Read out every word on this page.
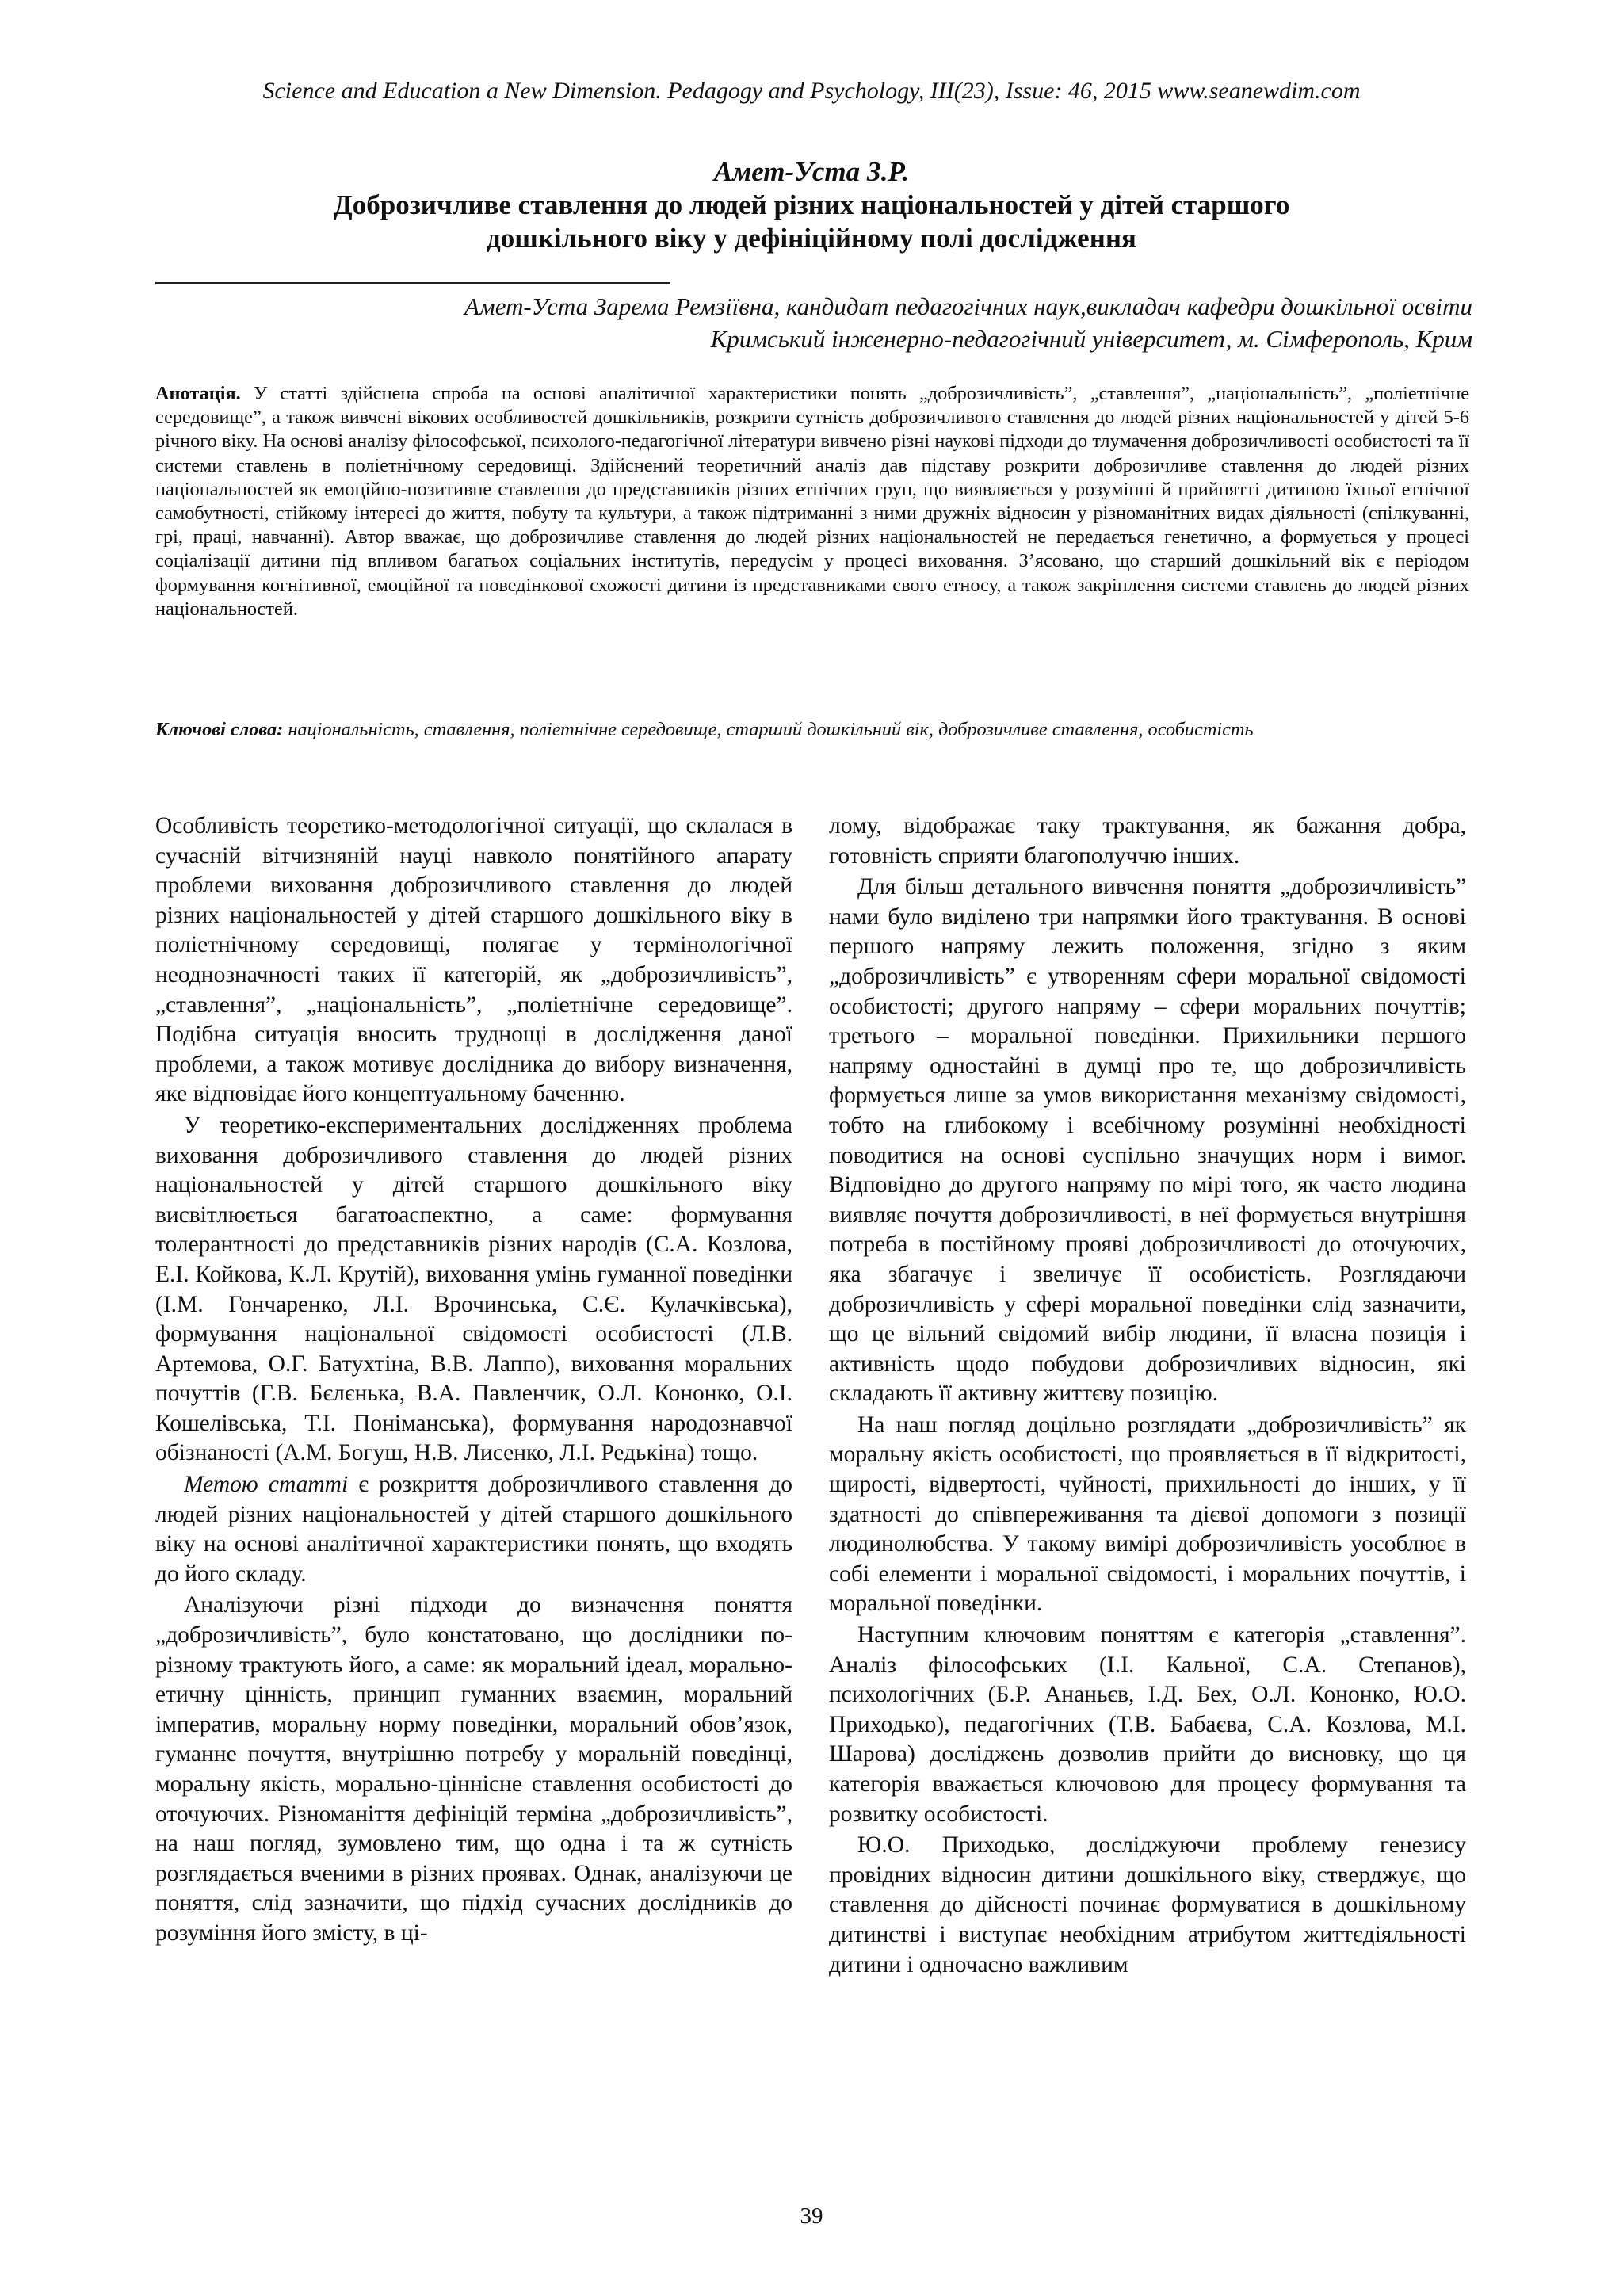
Science and Education a New Dimension. Pedagogy and Psychology, III(23), Issue: 46, 2015 www.seanewdim.com
Амет-Уста З.Р.
Доброзичливе ставлення до людей різних національностей у дітей старшого
дошкільного віку у дефініційному полі дослідження
Амет-Уста Зарема Ремзіївна, кандидат педагогічних наук,викладач кафедри дошкільної освіти
Кримський інженерно-педагогічний університет, м. Сімферополь, Крим
Анотація. У статті здійснена спроба на основі аналітичної характеристики понять „доброзичливість”, „ставлення”, „національність”, „поліетнічне середовище”, а також вивчені вікових особливостей дошкільників, розкрити сутність доброзичливого ставлення до людей різних національностей у дітей 5-6 річного віку. На основі аналізу філософської, психолого-педагогічної літератури вивчено різні наукові підходи до тлумачення доброзичливості особистості та її системи ставлень в поліетнічному середовищі. Здійснений теоретичний аналіз дав підставу розкрити доброзичливе ставлення до людей різних національностей як емоційно-позитивне ставлення до представників різних етнічних груп, що виявляється у розумінні й прийнятті дитиною їхньої етнічної самобутності, стійкому інтересі до життя, побуту та культури, а також підтриманні з ними дружніх відносин у різноманітних видах діяльності (спілкуванні, грі, праці, навчанні). Автор вважає, що доброзичливе ставлення до людей різних національностей не передається генетично, а формується у процесі соціалізації дитини під впливом багатьох соціальних інститутів, передусім у процесі виховання. З’ясовано, що старший дошкільний вік є періодом формування когнітивної, емоційної та поведінкової схожості дитини із представниками свого етносу, а також закріплення системи ставлень до людей різних національностей.
Ключові слова: національність, ставлення, поліетнічне середовище, старший дошкільний вік, доброзичливе ставлення, особистість

Особливість теоретико-методологічної ситуації, що склалася в сучасній вітчизняній науці навколо понятійного апарату проблеми виховання доброзичливого ставлення до людей різних національностей у дітей старшого дошкільного віку в поліетнічному середовищі, полягає у термінологічної неоднозначності таких її категорій, як „доброзичливість”, „ставлення”, „національність”, „поліетнічне середовище”. Подібна ситуація вносить труднощі в дослідження даної проблеми, а також мотивує дослідника до вибору визначення, яке відповідає його концептуальному баченню.

У теоретико-експериментальних дослідженнях проблема виховання доброзичливого ставлення до людей різних національностей у дітей старшого дошкільного віку висвітлюється багатоаспектно, а саме: формування толерантності до представників різних народів (С.А. Козлова, Е.І. Койкова, К.Л. Крутій), виховання умінь гуманної поведінки (І.М. Гончаренко, Л.І. Врочинська, С.Є. Кулачківська), формування національної свідомості особистості (Л.В. Артемова, О.Г. Батухтіна, В.В. Лаппо), виховання моральних почуттів (Г.В. Бєлєнька, В.А. Павленчик, О.Л. Кононко, О.І. Кошелівська, Т.І. Поніманська), формування народознавчої обізнаності (А.М. Богуш, Н.В. Лисенко, Л.І. Редькіна) тощо.

Метою статті є розкриття доброзичливого ставлення до людей різних національностей у дітей старшого дошкільного віку на основі аналітичної характеристики понять, що входять до його складу.

Аналізуючи різні підходи до визначення поняття „доброзичливість”, було констатовано, що дослідники по-різному трактують його, а саме: як моральний ідеал, морально-етичну цінність, принцип гуманних взаємин, моральний імператив, моральну норму поведінки, моральний обов’язок, гуманне почуття, внутрішню потребу у моральній поведінці, моральну якість, морально-ціннісне ставлення особистості до оточуючих. Різноманіття дефініцій терміна „доброзичливість”, на наш погляд, зумовлено тим, що одна і та ж сутність розглядається вченими в різних проявах. Однак, аналізуючи це поняття, слід зазначити, що підхід сучасних дослідників до розуміння його змісту, в ці-

лому, відображає таку трактування, як бажання добра, готовність сприяти благополуччю інших.

Для більш детального вивчення поняття „доброзичливість” нами було виділено три напрямки його трактування. В основі першого напряму лежить положення, згідно з яким „доброзичливість” є утворенням сфери моральної свідомості особистості; другого напряму – сфери моральних почуттів; третього – моральної поведінки. Прихильники першого напряму одностайні в думці про те, що доброзичливість формується лише за умов використання механізму свідомості, тобто на глибокому і всебічному розумінні необхідності поводитися на основі суспільно значущих норм і вимог. Відповідно до другого напряму по мірі того, як часто людина виявляє почуття доброзичливості, в неї формується внутрішня потреба в постійному прояві доброзичливості до оточуючих, яка збагачує і звеличує її особистість. Розглядаючи доброзичливість у сфері моральної поведінки слід зазначити, що це вільний свідомий вибір людини, її власна позиція і активність щодо побудови доброзичливих відносин, які складають її активну життєву позицію.

На наш погляд доцільно розглядати „доброзичливість” як моральну якість особистості, що проявляється в її відкритості, щирості, відвертості, чуйності, прихильності до інших, у її здатності до співпереживання та дієвої допомоги з позиції людинолюбства. У такому вимірі доброзичливість уособлює в собі елементи і моральної свідомості, і моральних почуттів, і моральної поведінки.

Наступним ключовим поняттям є категорія „ставлення”. Аналіз філософських (І.І. Кальної, С.А. Степанов), психологічних (Б.Р. Ананьєв, І.Д. Бех, О.Л. Кононко, Ю.О. Приходько), педагогічних (Т.В. Бабаєва, С.А. Козлова, М.І. Шарова) досліджень дозволив прийти до висновку, що ця категорія вважається ключовою для процесу формування та розвитку особистості.

Ю.О. Приходько, досліджуючи проблему генезису провідних відносин дитини дошкільного віку, стверджує, що ставлення до дійсності починає формуватися в дошкільному дитинстві і виступає необхідним атрибутом життєдіяльності дитини і одночасно важливим

39
